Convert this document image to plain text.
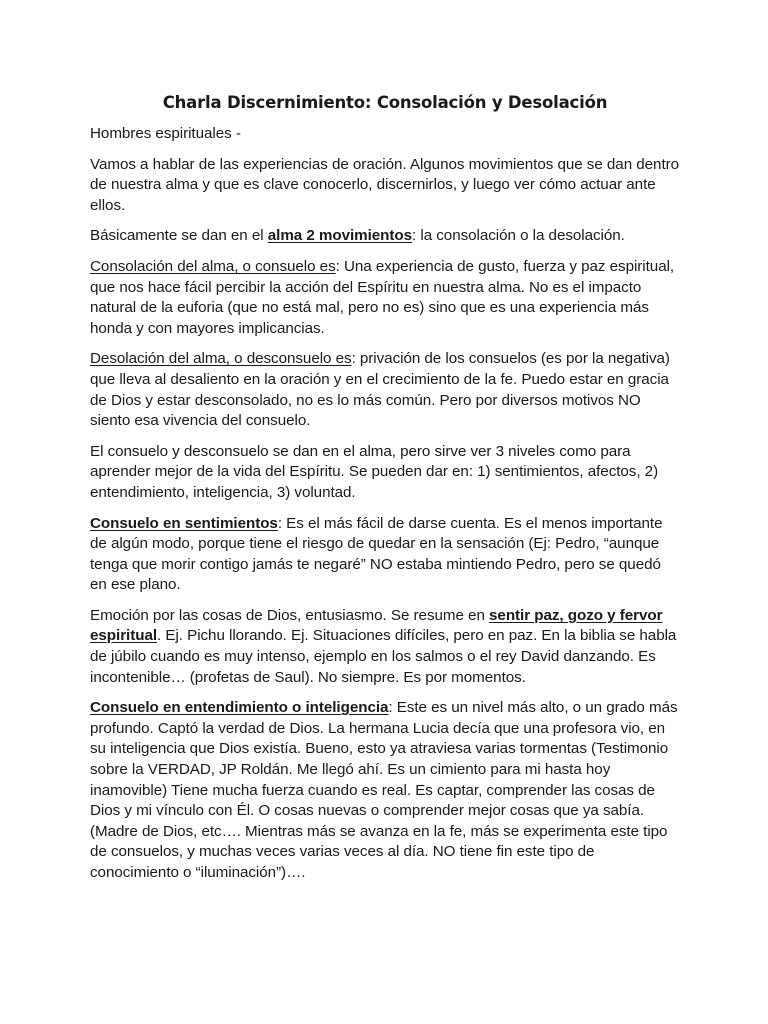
Charla Discernimiento: Consolación y Desolación

Hombres espirituales -

Vamos a hablar de las experiencias de oración. Algunos movimientos que se dan dentro de nuestra alma y que es clave conocerlo, discernirlos, y luego ver cómo actuar ante ellos.

Básicamente se dan en el alma 2 movimientos: la consolación o la desolación.

Consolación del alma, o consuelo es: Una experiencia de gusto, fuerza y paz espiritual, que nos hace fácil percibir la acción del Espíritu en nuestra alma. No es el impacto natural de la euforia (que no está mal, pero no es) sino que es una experiencia más honda y con mayores implicancias.

Desolación del alma, o desconsuelo es: privación de los consuelos (es por la negativa) que lleva al desaliento en la oración y en el crecimiento de la fe. Puedo estar en gracia de Dios y estar desconsolado, no es lo más común. Pero por diversos motivos NO siento esa vivencia del consuelo.

El consuelo y desconsuelo se dan en el alma, pero sirve ver 3 niveles como para aprender mejor de la vida del Espíritu. Se pueden dar en: 1) sentimientos, afectos, 2) entendimiento, inteligencia, 3) voluntad.

Consuelo en sentimientos: Es el más fácil de darse cuenta. Es el menos importante de algún modo, porque tiene el riesgo de quedar en la sensación (Ej: Pedro, “aunque tenga que morir contigo jamás te negaré” NO estaba mintiendo Pedro, pero se quedó en ese plano.

Emoción por las cosas de Dios, entusiasmo. Se resume en sentir paz, gozo y fervor espiritual. Ej. Pichu llorando. Ej. Situaciones difíciles, pero en paz. En la biblia se habla de júbilo cuando es muy intenso, ejemplo en los salmos o el rey David danzando. Es incontenible… (profetas de Saul). No siempre. Es por momentos.

Consuelo en entendimiento o inteligencia: Este es un nivel más alto, o un grado más profundo. Captó la verdad de Dios. La hermana Lucia decía que una profesora vio, en su inteligencia que Dios existía. Bueno, esto ya atraviesa varias tormentas (Testimonio sobre la VERDAD, JP Roldán. Me llegó ahí. Es un cimiento para mi hasta hoy inamovible) Tiene mucha fuerza cuando es real. Es captar, comprender las cosas de Dios y mi vínculo con Él. O cosas nuevas o comprender mejor cosas que ya sabía. (Madre de Dios, etc…. Mientras más se avanza en la fe, más se experimenta este tipo de consuelos, y muchas veces varias veces al día. NO tiene fin este tipo de conocimiento o “iluminación”)….
